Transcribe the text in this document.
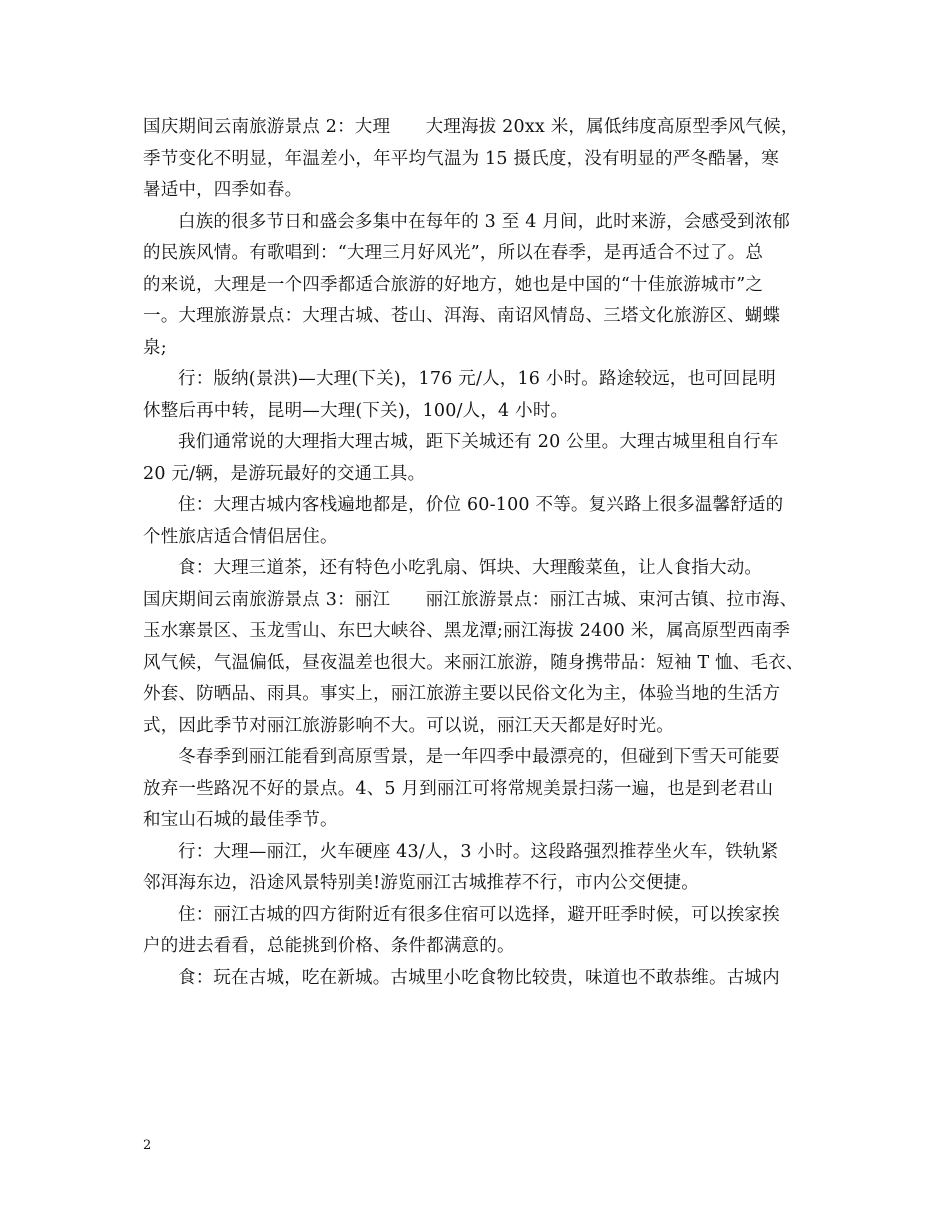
国庆期间云南旅游景点 2：大理　　大理海拔 20xx 米，属低纬度高原型季风气候，
季节变化不明显，年温差小，年平均气温为 15 摄氏度，没有明显的严冬酷暑，寒
暑适中，四季如春。
白族的很多节日和盛会多集中在每年的 3 至 4 月间，此时来游，会感受到浓郁
的民族风情。有歌唱到：“大理三月好风光”，所以在春季，是再适合不过了。总
的来说，大理是一个四季都适合旅游的好地方，她也是中国的“十佳旅游城市”之
一。大理旅游景点：大理古城、苍山、洱海、南诏风情岛、三塔文化旅游区、蝴蝶
泉;
行：版纳(景洪)—大理(下关)，176 元/人，16 小时。路途较远，也可回昆明
休整后再中转，昆明—大理(下关)，100/人，4 小时。
我们通常说的大理指大理古城，距下关城还有 20 公里。大理古城里租自行车
20 元/辆，是游玩最好的交通工具。
住：大理古城内客栈遍地都是，价位 60-100 不等。复兴路上很多温馨舒适的
个性旅店适合情侣居住。
食：大理三道茶，还有特色小吃乳扇、饵块、大理酸菜鱼，让人食指大动。
国庆期间云南旅游景点 3：丽江　　丽江旅游景点：丽江古城、束河古镇、拉市海、
玉水寨景区、玉龙雪山、东巴大峡谷、黑龙潭;丽江海拔 2400 米，属高原型西南季
风气候，气温偏低，昼夜温差也很大。来丽江旅游，随身携带品：短袖 T 恤、毛衣、
外套、防晒品、雨具。事实上，丽江旅游主要以民俗文化为主，体验当地的生活方
式，因此季节对丽江旅游影响不大。可以说，丽江天天都是好时光。
冬春季到丽江能看到高原雪景，是一年四季中最漂亮的，但碰到下雪天可能要
放弃一些路况不好的景点。4、5 月到丽江可将常规美景扫荡一遍，也是到老君山
和宝山石城的最佳季节。
行：大理—丽江，火车硬座 43/人，3 小时。这段路强烈推荐坐火车，铁轨紧
邻洱海东边，沿途风景特别美!游览丽江古城推荐不行，市内公交便捷。
住：丽江古城的四方街附近有很多住宿可以选择，避开旺季时候，可以挨家挨
户的进去看看，总能挑到价格、条件都满意的。
食：玩在古城，吃在新城。古城里小吃食物比较贵，味道也不敢恭维。古城内
2
